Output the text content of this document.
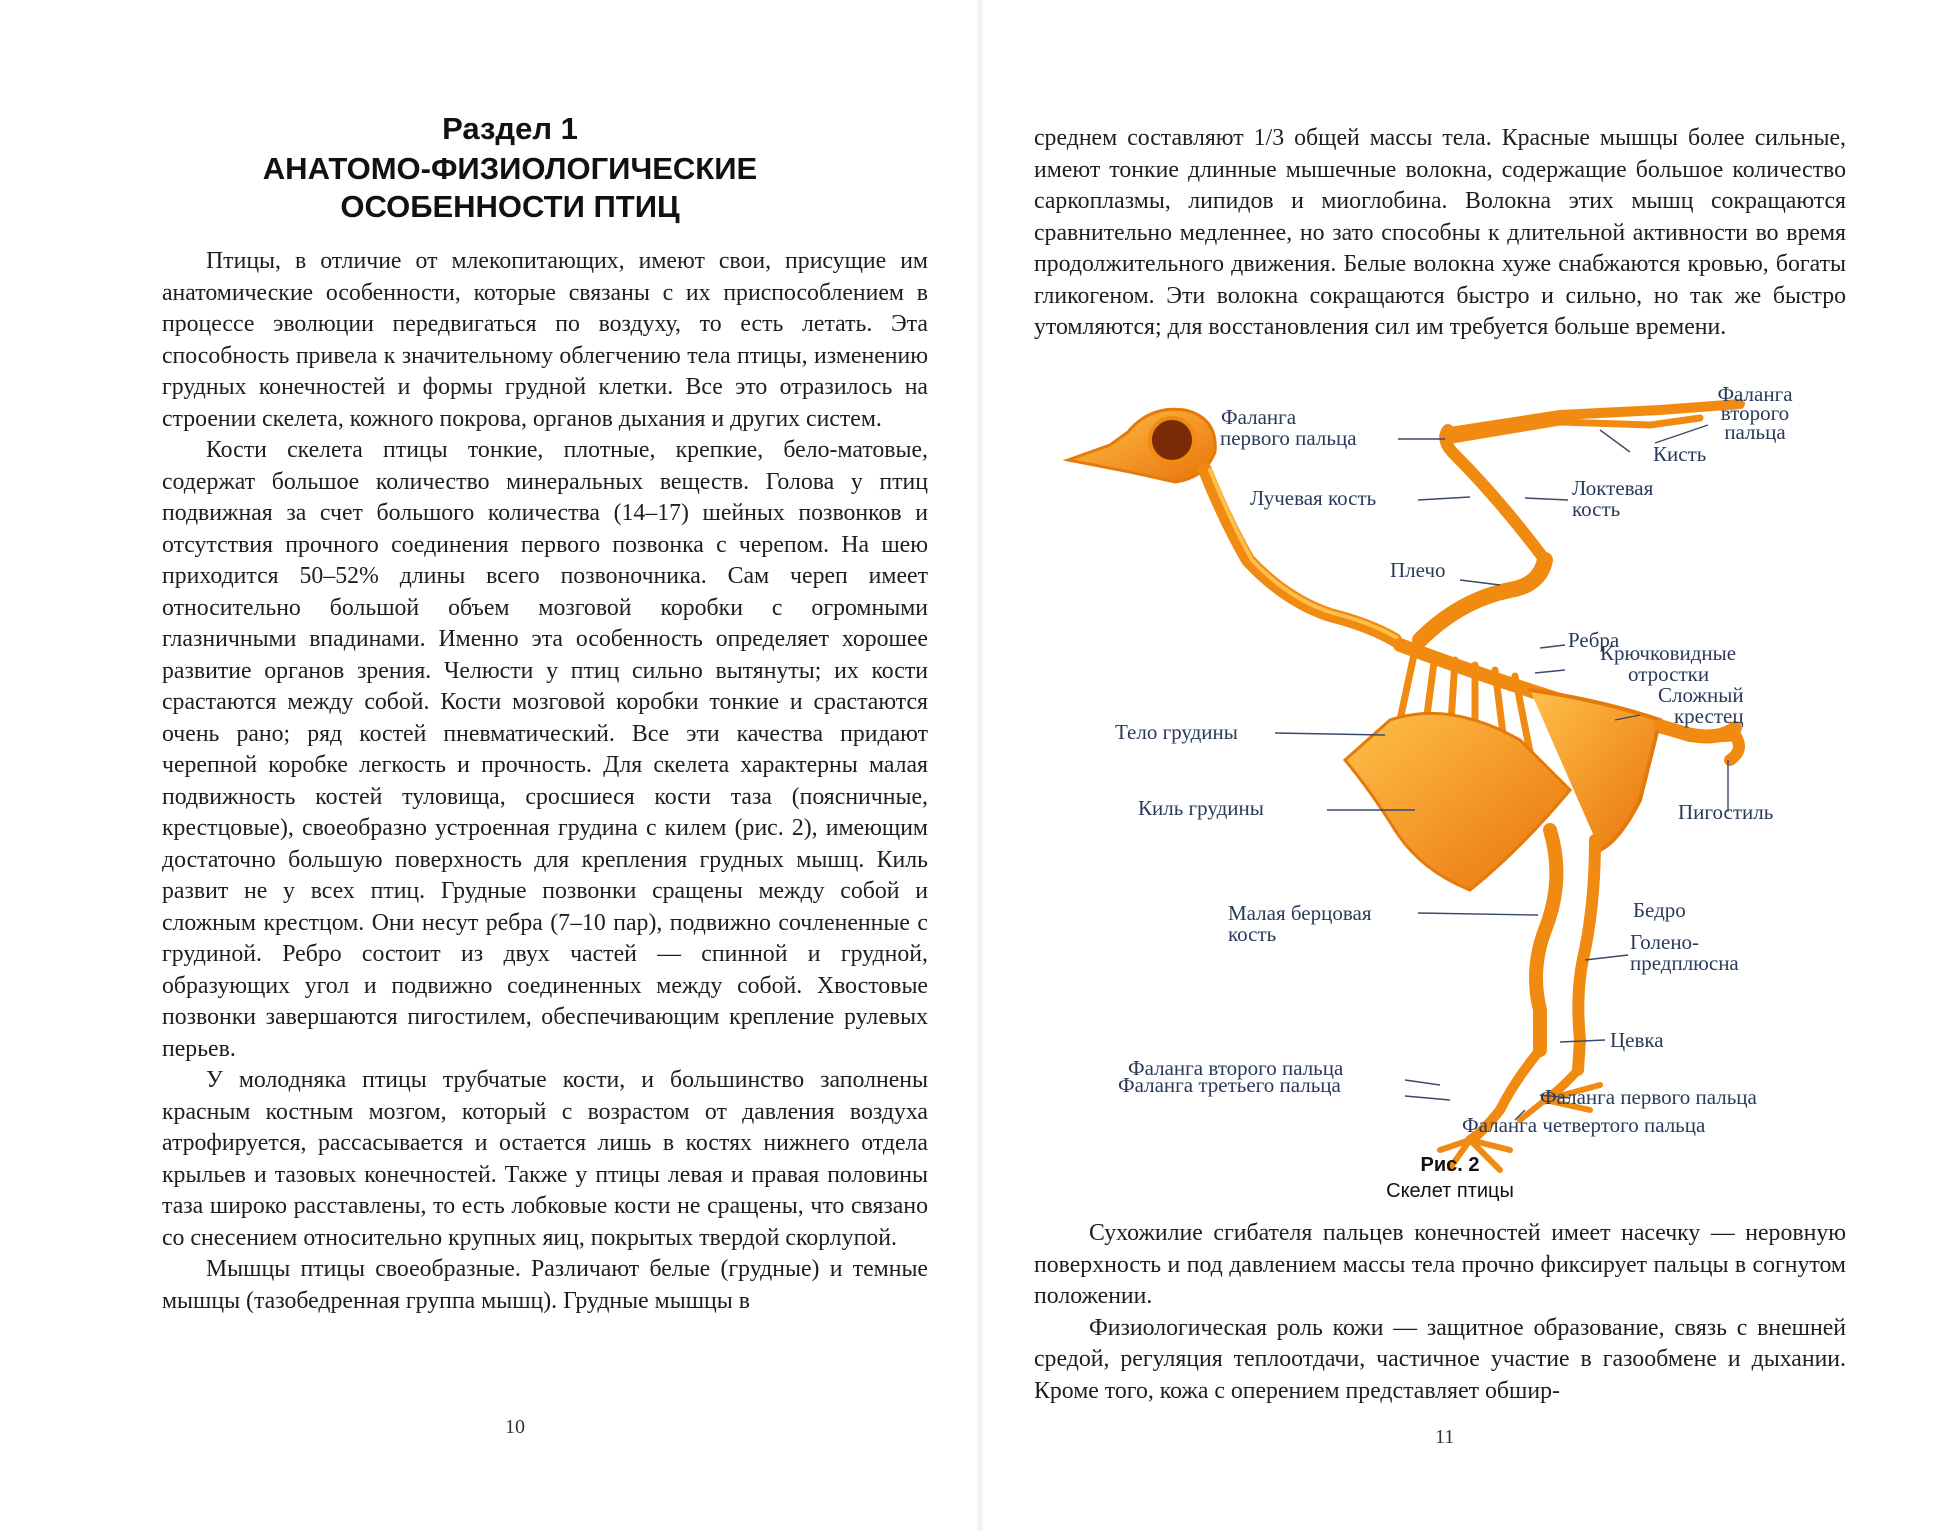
Раздел 1
АНАТОМО-ФИЗИОЛОГИЧЕСКИЕ
ОСОБЕННОСТИ ПТИЦ

Птицы, в отличие от млекопитающих, имеют свои, присущие им анатомические особенности, которые связаны с их приспособлением в процессе эволюции передвигаться по воздуху, то есть летать. Эта способность привела к значительному облегчению тела птицы, изменению грудных конечностей и формы грудной клетки. Все это отразилось на строении скелета, кожного покрова, органов дыхания и других систем.

Кости скелета птицы тонкие, плотные, крепкие, бело-матовые, содержат большое количество минеральных веществ. Голова у птиц подвижная за счет большого количества (14–17) шейных позвонков и отсутствия прочного соединения первого позвонка с черепом. На шею приходится 50–52% длины всего позвоночника. Сам череп имеет относительно большой объем мозговой коробки с огромными глазничными впадинами. Именно эта особенность определяет хорошее развитие органов зрения. Челюсти у птиц сильно вытянуты; их кости срастаются между собой. Кости мозговой коробки тонкие и срастаются очень рано; ряд костей пневматический. Все эти качества придают черепной коробке легкость и прочность. Для скелета характерны малая подвижность костей туловища, сросшиеся кости таза (поясничные, крестцовые), своеобразно устроенная грудина с килем (рис. 2), имеющим достаточно большую поверхность для крепления грудных мышц. Киль развит не у всех птиц. Грудные позвонки сращены между собой и сложным крестцом. Они несут ребра (7–10 пар), подвижно сочлененные с грудиной. Ребро состоит из двух частей — спинной и грудной, образующих угол и подвижно соединенных между собой. Хвостовые позвонки завершаются пигостилем, обеспечивающим крепление рулевых перьев.

У молодняка птицы трубчатые кости, и большинство заполнены красным костным мозгом, который с возрастом от давления воздуха атрофируется, рассасывается и остается лишь в костях нижнего отдела крыльев и тазовых конечностей. Также у птицы левая и правая половины таза широко расставлены, то есть лобковые кости не сращены, что связано со снесением относительно крупных яиц, покрытых твердой скорлупой.

Мышцы птицы своеобразные. Различают белые (грудные) и темные мышцы (тазобедренная группа мышц). Грудные мышцы в

среднем составляют 1/3 общей массы тела. Красные мышцы более сильные, имеют тонкие длинные мышечные волокна, содержащие большое количество саркоплазмы, липидов и миоглобина. Волокна этих мышц сокращаются сравнительно медленнее, но зато способны к длительной активности во время продолжительного движения. Белые волокна хуже снабжаются кровью, богаты гликогеном. Эти волокна сокращаются быстро и сильно, но так же быстро утомляются; для восстановления сил им требуется больше времени.

Фаланга
первого пальца
Фаланга
второго
пальца
Кисть
Лучевая кость	Локтевая
кость
Плечо
Ребра
Крючковидные
отростки
Сложный
крестец
Тело грудины
Киль грудины	Пигостиль
Малая берцовая
кость
Бедро
Голено-
предплюсна
Цевка
Фаланга второго пальца
Фаланга третьего пальца	Фаланга первого пальца
Фаланга четвертого пальца
Рис. 2
Скелет птицы

Сухожилие сгибателя пальцев конечностей имеет насечку — неровную поверхность и под давлением массы тела прочно фиксирует пальцы в согнутом положении.

Физиологическая роль кожи — защитное образование, связь с внешней средой, регуляция теплоотдачи, частичное участие в газообмене и дыхании. Кроме того, кожа с оперением представляет обшир-

10	11
